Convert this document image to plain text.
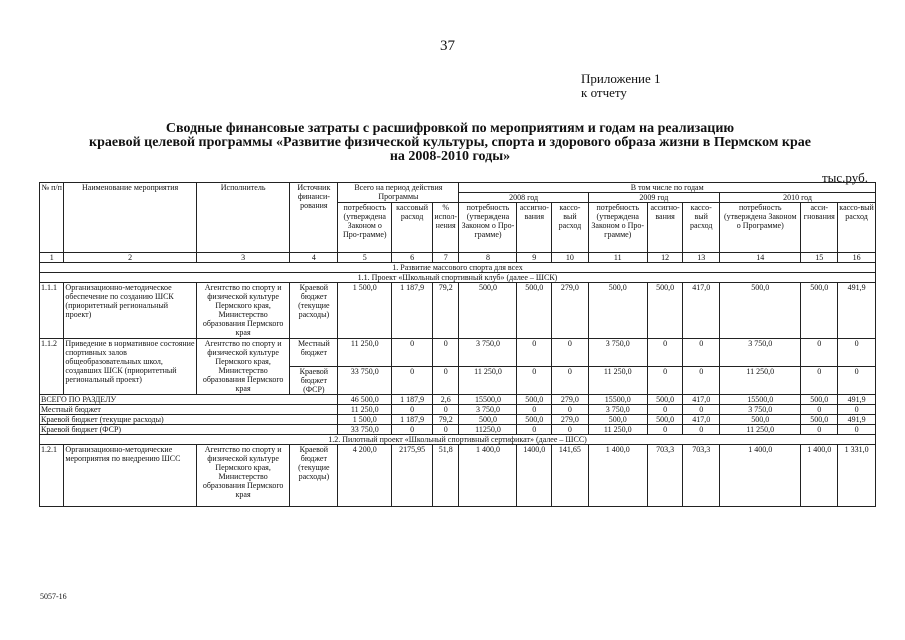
37
Приложение 1
к отчету
Сводные финансовые затраты с расшифровкой по мероприятиям и годам на реализацию
краевой целевой программы «Развитие физической культуры, спорта и здорового образа жизни в Пермском крае
на 2008-2010 годы»
тыс.руб.
№ п/п	Наименование мероприятия	Исполнитель	Источник финанси-рования	Всего на период действия Программы			В том числе по годам								
							2008 год			2009 год			2010 год		
				потребность (утверждена Законом о Про-грамме)	кассовый расход	% испол-нения	потребность (утверждена Законом о Про-грамме)	ассигно-вания	кассо-вый расход	потребность (утверждена Законом о Про-грамме)	ассигно-вания	кассо-вый расход	потребность (утверждена Законом о Программе)	асси-гнования	кассо-вый расход
1	2	3	4	5	6	7	8	9	10	11	12	13	14	15	16
1. Развитие массового спорта для всех															
1.1. Проект «Школьный спортивный клуб» (далее – ШСК)															
1.1.1	Организационно-методическое обеспечение по созданию ШСК (приоритетный региональный проект)	Агентство по спорту и физической культуре Пермского края, Министерство образования Пермского края	Краевой бюджет (текущие расходы)	1 500,0	1 187,9	79,2	500,0	500,0	279,0	500,0	500,0	417,0	500,0	500,0	491,9
1.1.2	Приведение в нормативное состояние спортивных залов общеобразовательных школ, создавших ШСК (приоритетный региональный проект)	Агентство по спорту и физической культуре Пермского края, Министерство образования Пермского края	Местный бюджет	11 250,0	0	0	3 750,0	0	0	3 750,0	0	0	3 750,0	0	0
			Краевой бюджет (ФСР)	33 750,0	0	0	11 250,0	0	0	11 250,0	0	0	11 250,0	0	0
ВСЕГО ПО РАЗДЕЛУ				46 500,0	1 187,9	2,6	15500,0	500,0	279,0	15500,0	500,0	417,0	15500,0	500,0	491,9
Местный бюджет				11 250,0	0	0	3 750,0	0	0	3 750,0	0	0	3 750,0	0	0
Краевой бюджет (текущие расходы)				1 500,0	1 187,9	79,2	500,0	500,0	279,0	500,0	500,0	417,0	500,0	500,0	491,9
Краевой бюджет (ФСР)				33 750,0	0	0	11250,0	0	0	11 250,0	0	0	11 250,0	0	0
1.2. Пилотный проект «Школьный спортивный сертификат» (далее – ШСС)															
1.2.1	Организационно-методические мероприятия по внедрению ШСС	Агентство по спорту и физической культуре Пермского края, Министерство образования Пермского края	Краевой бюджет (текущие расходы)	4 200,0	2175,95	51,8	1 400,0	1400,0	141,65	1 400,0	703,3	703,3	1 400,0	1 400,0	1 331,0
5057-16
